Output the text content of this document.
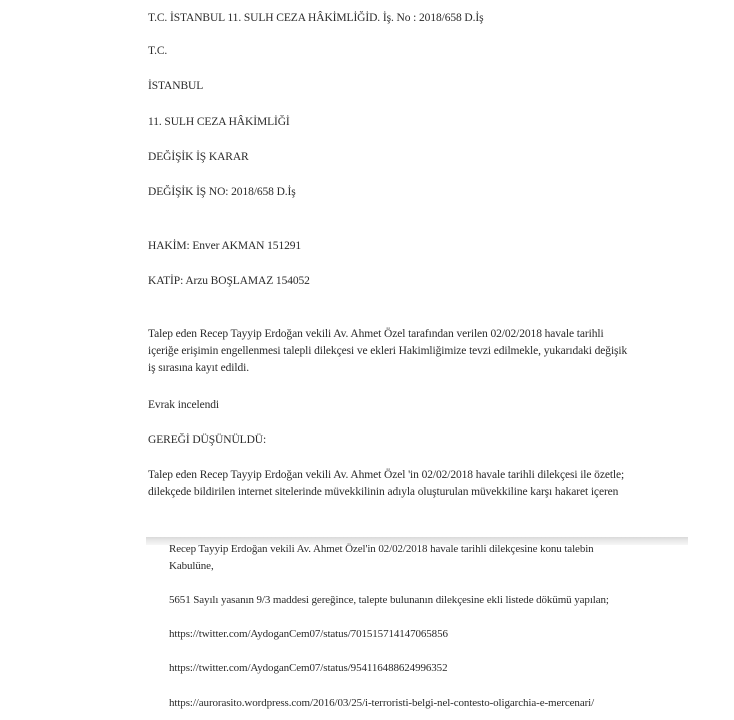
T.C. İSTANBUL 11. SULH CEZA HÂKİMLİĞİD. İş. No : 2018/658 D.İş
T.C.
İSTANBUL
11. SULH CEZA HÂKİMLİĞİ
DEĞİŞİK İŞ KARAR
DEĞİŞİK İŞ NO: 2018/658 D.İş
HAKİM: Enver AKMAN 151291
KATİP: Arzu BOŞLAMAZ 154052
Talep eden Recep Tayyip Erdoğan vekili Av. Ahmet Özel tarafından verilen 02/02/2018 havale tarihli
içeriğe erişimin engellenmesi talepli dilekçesi ve ekleri Hakimliğimize tevzi edilmekle, yukarıdaki değişik
iş sırasına kayıt edildi.
Evrak incelendi
GEREĞİ DÜŞÜNÜLDÜ:
Talep eden Recep Tayyip Erdoğan vekili Av. Ahmet Özel 'in 02/02/2018 havale tarihli dilekçesi ile özetle;
dilekçede bildirilen internet sitelerinde müvekkilinin adıyla oluşturulan müvekkiline karşı hakaret içeren
Recep Tayyip Erdoğan vekili Av. Ahmet Özel'in 02/02/2018 havale tarihli dilekçesine konu talebin
Kabulüne,
5651 Sayılı yasanın 9/3 maddesi gereğince, talepte bulunanın dilekçesine ekli listede dökümü yapılan;
https://twitter.com/AydoganCem07/status/701515714147065856
https://twitter.com/AydoganCem07/status/954116488624996352
https://aurorasito.wordpress.com/2016/03/25/i-terroristi-belgi-nel-contesto-oligarchia-e-mercenari/
